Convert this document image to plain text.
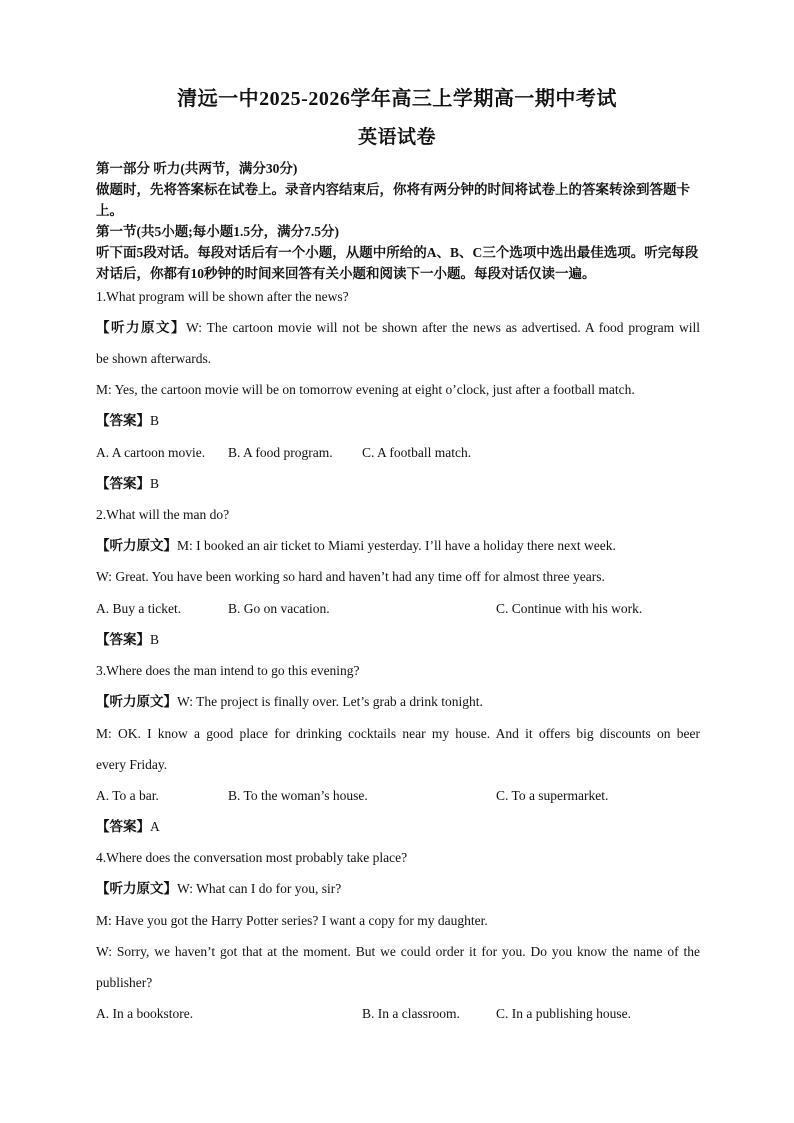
清远一中2025-2026学年高三上学期高一期中考试
英语试卷
第一部分 听力(共两节，满分30分)
做题时，先将答案标在试卷上。录音内容结束后，你将有两分钟的时间将试卷上的答案转涂到答题卡上。
第一节(共5小题;每小题1.5分，满分7.5分)
听下面5段对话。每段对话后有一个小题，从题中所给的A、B、C三个选项中选出最佳选项。听完每段对话后，你都有10秒钟的时间来回答有关小题和阅读下一小题。每段对话仅读一遍。
1.What program will be shown after the news?
【听力原文】W: The cartoon movie will not be shown after the news as advertised. A food program will
be shown afterwards.
M: Yes, the cartoon movie will be on tomorrow evening at eight o’clock, just after a football match.
【答案】B
A. A cartoon movie. B. A food program. C. A football match.
【答案】B
2.What will the man do?
【听力原文】M: I booked an air ticket to Miami yesterday. I’ll have a holiday there next week.
W: Great. You have been working so hard and haven’t had any time off for almost three years.
A. Buy a ticket.	B. Go on vacation.	C. Continue with his work.
【答案】B
3.Where does the man intend to go this evening?
【听力原文】W: The project is finally over. Let’s grab a drink tonight.
M: OK. I know a good place for drinking cocktails near my house. And it offers big discounts on beer
every Friday.
A. To a bar.	B. To the woman’s house.	C. To a supermarket.
【答案】A
4.Where does the conversation most probably take place?
【听力原文】W: What can I do for you, sir?
M: Have you got the Harry Potter series? I want a copy for my daughter.
W: Sorry, we haven’t got that at the moment. But we could order it for you. Do you know the name of the
publisher?
A. In a bookstore.	B. In a classroom.	C. In a publishing house.
